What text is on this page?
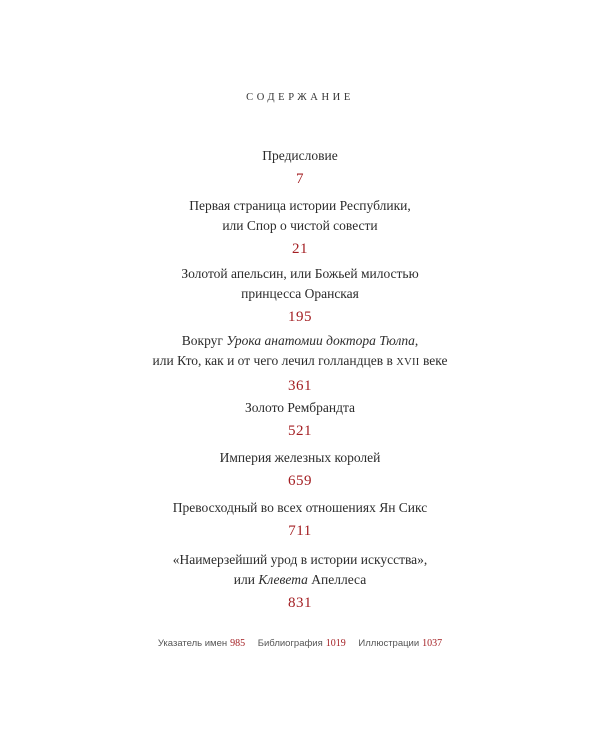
СОДЕРЖАНИЕ
Предисловие
7
Первая страница истории Республики,
или Спор о чистой совести
21
Золотой апельсин, или Божьей милостью
принцесса Оранская
195
Вокруг Урока анатомии доктора Тюлпа,
или Кто, как и от чего лечил голландцев в XVII веке
361
Золото Рембрандта
521
Империя железных королей
659
Превосходный во всех отношениях Ян Сикс
711
«Наимерзейший урод в истории искусства»,
или Клевета Апеллеса
831
Указатель имен 985 Библиография 1019 Иллюстрации 1037
